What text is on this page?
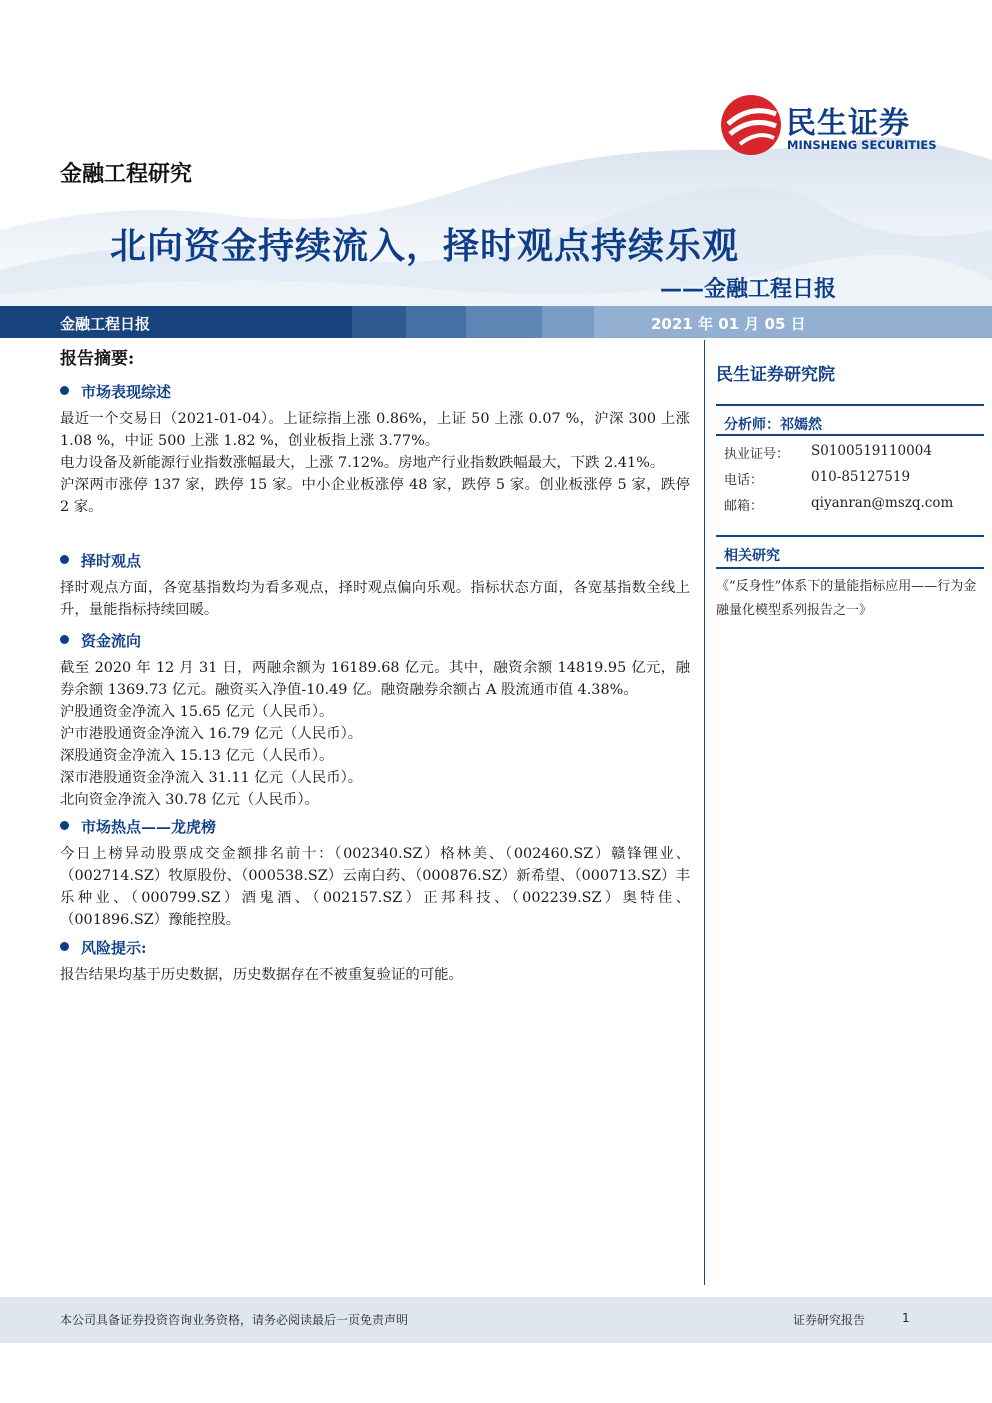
民生证券
MINSHENG SECURITIES
金融工程研究
北向资金持续流入，择时观点持续乐观
——金融工程日报
金融工程日报	2021 年 01 月 05 日
报告摘要:
市场表现综述

最近一个交易日（2021-01-04）。上证综指上涨 0.86%，上证 50 上涨 0.07 %，沪深 300 上涨 1.08 %，中证 500 上涨 1.82 %，创业板指上涨 3.77%。

电力设备及新能源行业指数涨幅最大，上涨 7.12%。房地产行业指数跌幅最大，下跌 2.41%。

沪深两市涨停 137 家，跌停 15 家。中小企业板涨停 48 家，跌停 5 家。创业板涨停 5 家，跌停 2 家。

择时观点

择时观点方面，各宽基指数均为看多观点，择时观点偏向乐观。指标状态方面，各宽基指数全线上升，量能指标持续回暖。

资金流向

截至 2020 年 12 月 31 日，两融余额为 16189.68 亿元。其中，融资余额 14819.95 亿元，融券余额 1369.73 亿元。融资买入净值-10.49 亿。融资融券余额占 A 股流通市值 4.38%。

沪股通资金净流入 15.65 亿元（人民币）。

沪市港股通资金净流入 16.79 亿元（人民币）。

深股通资金净流入 15.13 亿元（人民币）。

深市港股通资金净流入 31.11 亿元（人民币）。

北向资金净流入 30.78 亿元（人民币）。

市场热点——龙虎榜

今日上榜异动股票成交金额排名前十：（002340.SZ）格林美、（002460.SZ）赣锋锂业、（002714.SZ）牧原股份、（000538.SZ）云南白药、（000876.SZ）新希望、（000713.SZ）丰乐种业、（000799.SZ）酒鬼酒、（002157.SZ）正邦科技、（002239.SZ）奥特佳、（001896.SZ）豫能控股。

风险提示:

报告结果均基于历史数据，历史数据存在不被重复验证的可能。

民生证券研究院
分析师：祁嫣然
执业证号： S0100519110004
电话：	010-85127519
邮箱：	qiyanran@mszq.com
相关研究
《“反身性”体系下的量能指标应用——行为金融量化模型系列报告之一》
本公司具备证券投资咨询业务资格，请务必阅读最后一页免责声明	证券研究报告	1
